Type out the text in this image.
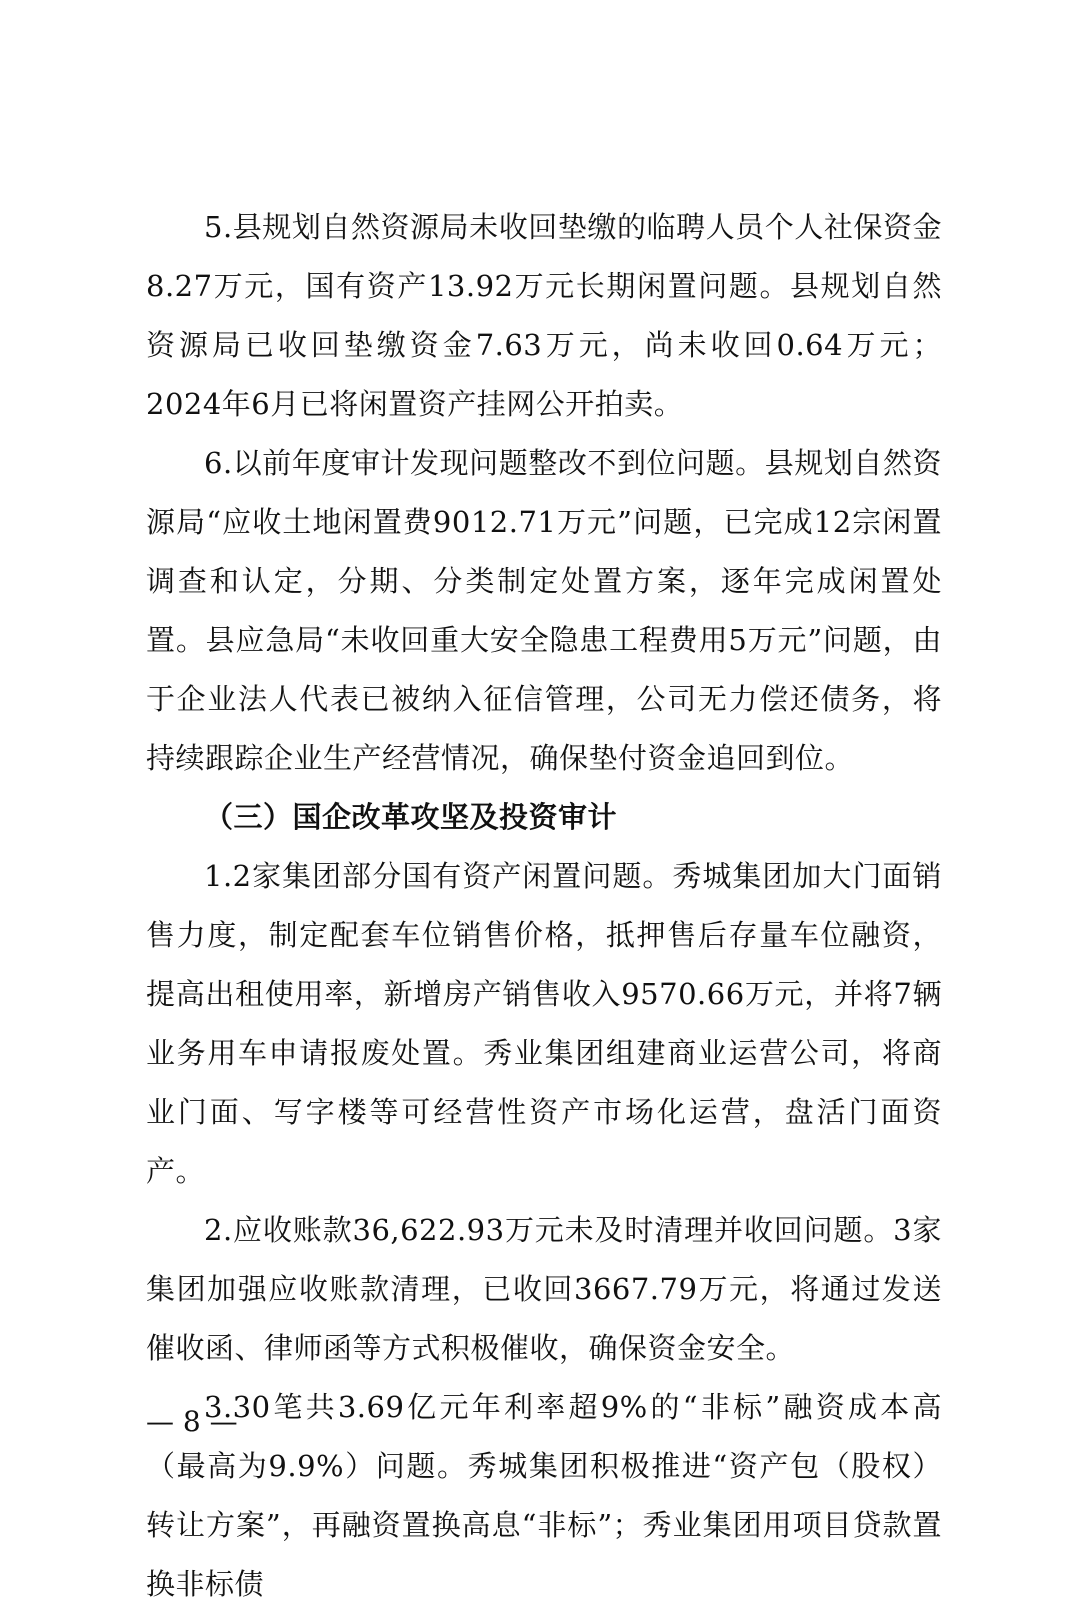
5.县规划自然资源局未收回垫缴的临聘人员个人社保资金8.27万元，国有资产13.92万元长期闲置问题。县规划自然资源局已收回垫缴资金7.63万元，尚未收回0.64万元；2024年6月已将闲置资产挂网公开拍卖。

6.以前年度审计发现问题整改不到位问题。县规划自然资源局“应收土地闲置费9012.71万元”问题，已完成12宗闲置调查和认定，分期、分类制定处置方案，逐年完成闲置处置。县应急局“未收回重大安全隐患工程费用5万元”问题，由于企业法人代表已被纳入征信管理，公司无力偿还债务，将持续跟踪企业生产经营情况，确保垫付资金追回到位。

（三）国企改革攻坚及投资审计

1.2家集团部分国有资产闲置问题。秀城集团加大门面销售力度，制定配套车位销售价格，抵押售后存量车位融资，提高出租使用率，新增房产销售收入9570.66万元，并将7辆业务用车申请报废处置。秀业集团组建商业运营公司，将商业门面、写字楼等可经营性资产市场化运营，盘活门面资产。

2.应收账款36,622.93万元未及时清理并收回问题。3家集团加强应收账款清理，已收回3667.79万元，将通过发送催收函、律师函等方式积极催收，确保资金安全。

3.30笔共3.69亿元年利率超9%的“非标”融资成本高（最高为9.9%）问题。秀城集团积极推进“资产包（股权）转让方案”，再融资置换高息“非标”；秀业集团用项目贷款置换非标债

— 8 —
